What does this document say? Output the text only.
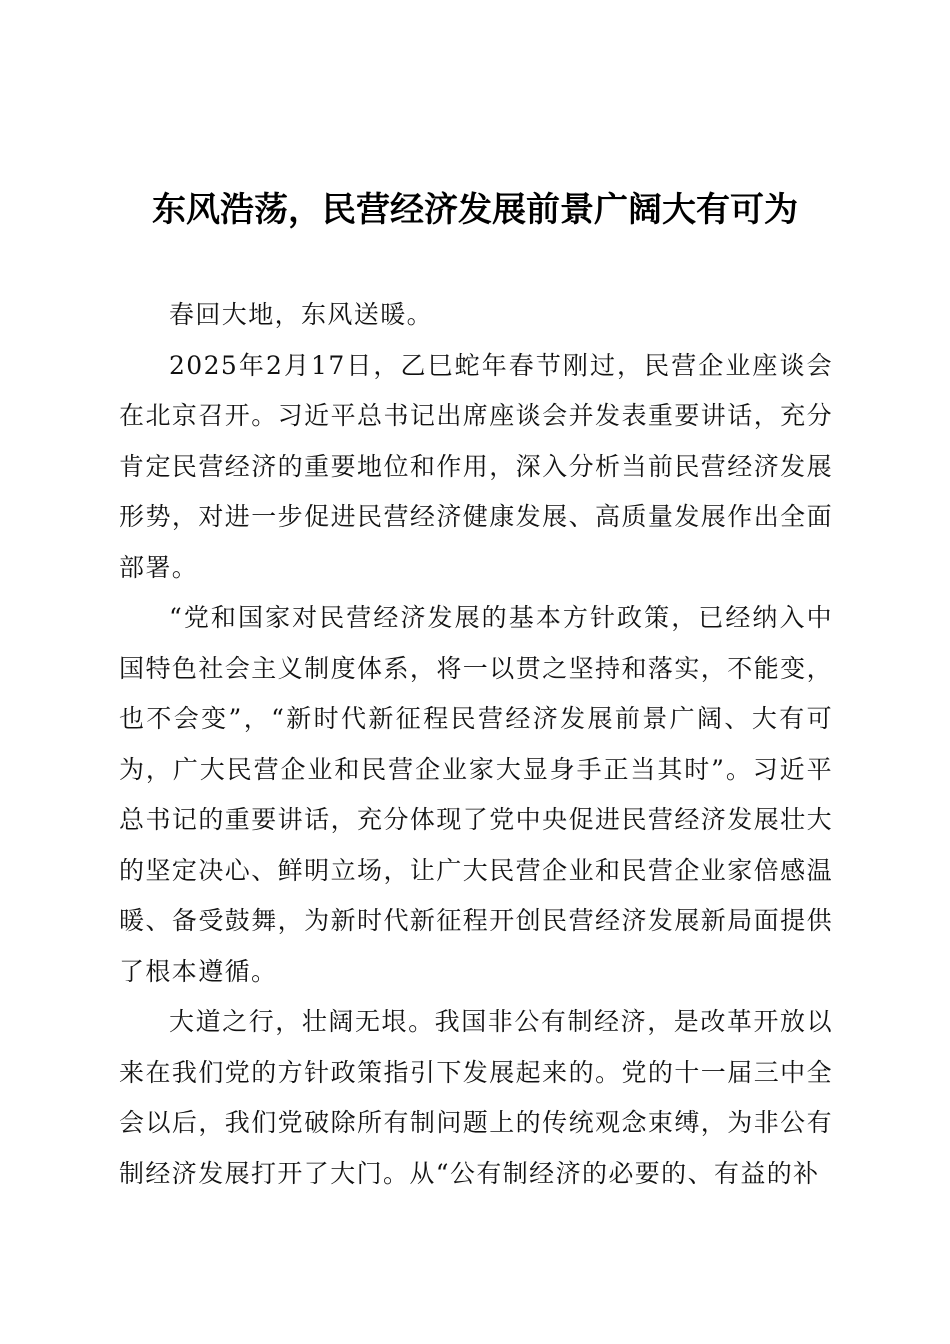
东风浩荡，民营经济发展前景广阔大有可为

春回大地，东风送暖。

2025年2月17日，乙巳蛇年春节刚过，民营企业座谈会在北京召开。习近平总书记出席座谈会并发表重要讲话，充分肯定民营经济的重要地位和作用，深入分析当前民营经济发展形势，对进一步促进民营经济健康发展、高质量发展作出全面部署。

“党和国家对民营经济发展的基本方针政策，已经纳入中国特色社会主义制度体系，将一以贯之坚持和落实，不能变，也不会变”，“新时代新征程民营经济发展前景广阔、大有可为，广大民营企业和民营企业家大显身手正当其时”。习近平总书记的重要讲话，充分体现了党中央促进民营经济发展壮大的坚定决心、鲜明立场，让广大民营企业和民营企业家倍感温暖、备受鼓舞，为新时代新征程开创民营经济发展新局面提供了根本遵循。

大道之行，壮阔无垠。我国非公有制经济，是改革开放以来在我们党的方针政策指引下发展起来的。党的十一届三中全会以后，我们党破除所有制问题上的传统观念束缚，为非公有制经济发展打开了大门。从“公有制经济的必要的、有益的补
